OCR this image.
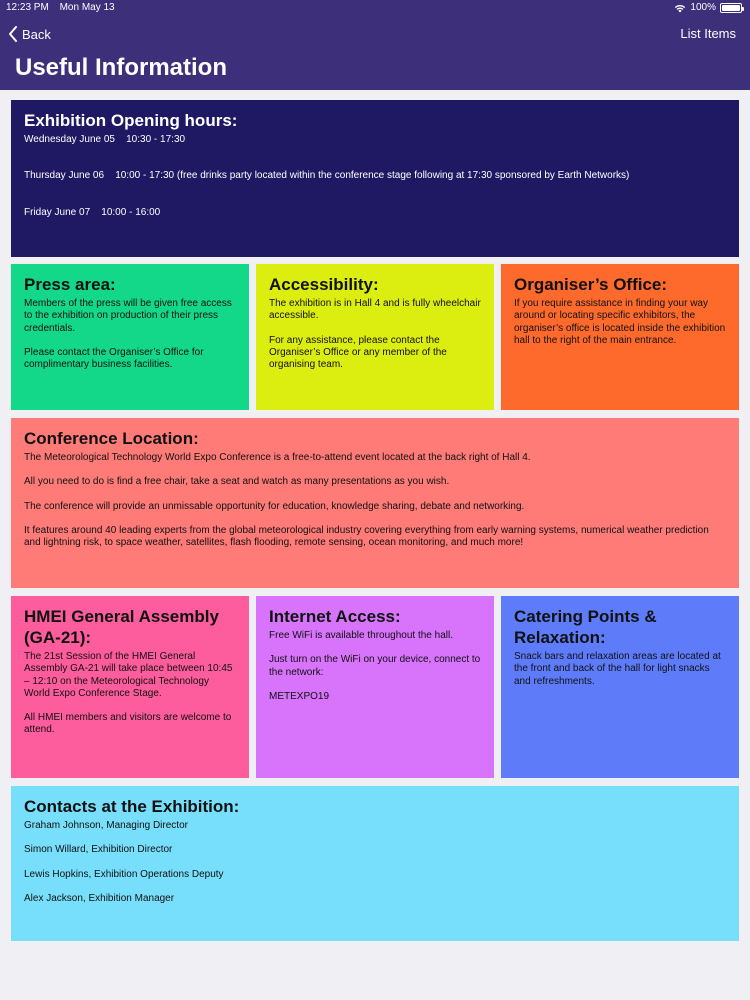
12:23 PM Mon May 13	100%
Back	List Items
Useful Information
Exhibition Opening hours:

Wednesday June 05 10:30 - 17:30

Thursday June 06 10:00 - 17:30 (free drinks party located within the conference stage following at 17:30 sponsored by Earth Networks)

Friday June 07 10:00 - 16:00

Press area:

Members of the press will be given free access to the exhibition on production of their press credentials.

Please contact the Organiser’s Office for complimentary business facilities.

Accessibility:

The exhibition is in Hall 4 and is fully wheelchair accessible.

For any assistance, please contact the Organiser’s Office or any member of the organising team.

Organiser’s Office:

If you require assistance in finding your way around or locating specific exhibitors, the organiser’s office is located inside the exhibition hall to the right of the main entrance.

Conference Location:

The Meteorological Technology World Expo Conference is a free-to-attend event located at the back right of Hall 4.

All you need to do is find a free chair, take a seat and watch as many presentations as you wish.

The conference will provide an unmissable opportunity for education, knowledge sharing, debate and networking.

It features around 40 leading experts from the global meteorological industry covering everything from early warning systems, numerical weather prediction and lightning risk, to space weather, satellites, flash flooding, remote sensing, ocean monitoring, and much more!

HMEI General Assembly (GA-21):

The 21st Session of the HMEI General Assembly GA-21 will take place between 10:45 – 12:10 on the Meteorological Technology World Expo Conference Stage.

All HMEI members and visitors are welcome to attend.

Internet Access:

Free WiFi is available throughout the hall.

Just turn on the WiFi on your device, connect to the network:

METEXPO19

Catering Points & Relaxation:

Snack bars and relaxation areas are located at the front and back of the hall for light snacks and refreshments.

Contacts at the Exhibition:

Graham Johnson, Managing Director

Simon Willard, Exhibition Director

Lewis Hopkins, Exhibition Operations Deputy

Alex Jackson, Exhibition Manager
